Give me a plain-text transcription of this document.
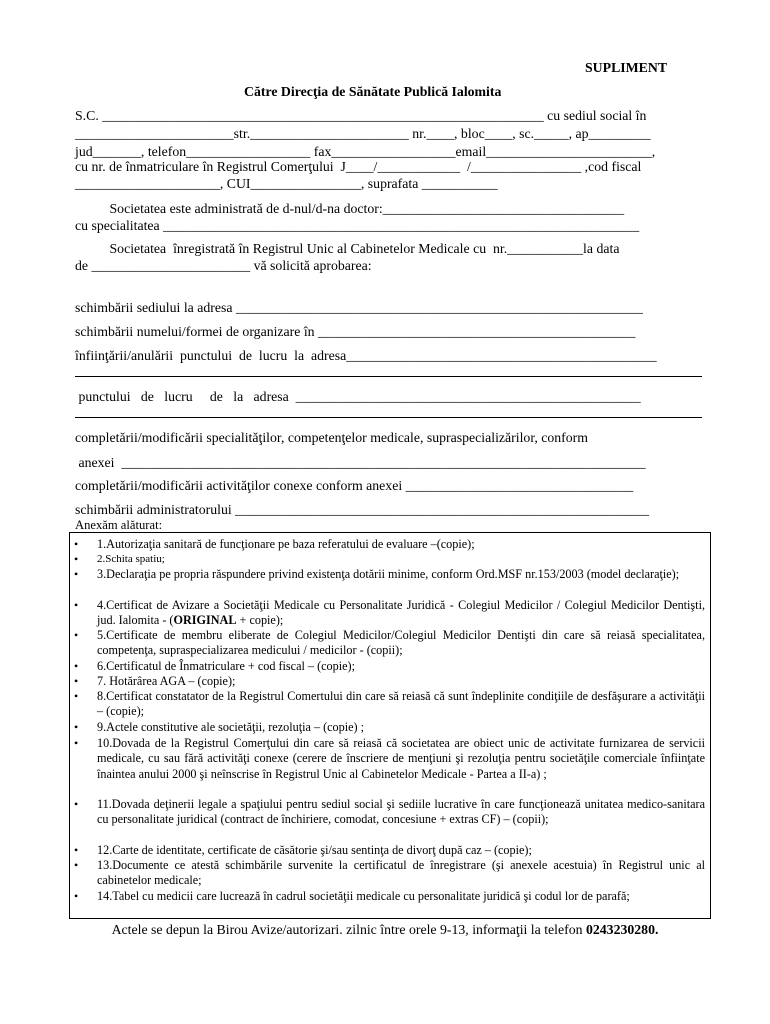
SUPLIMENT
Către Direcţia de Sănătate Publică Ialomita
S.C. ________________________________________________________________ cu sediul social în
_______________________str._______________________ nr.____, bloc____, sc._____, ap_________
jud_______, telefon__________________ fax__________________email________________________,
cu nr. de înmatriculare în Registrul Comerţului  J____/____________  /________________ ,cod fiscal
_____________________, CUI________________, suprafata ___________
Societatea este administrată de d-nul/d-na doctor:___________________________________
cu specialitatea _____________________________________________________________________
Societatea  înregistrată în Registrul Unic al Cabinetelor Medicale cu  nr.___________la data
de _______________________ vă solicită aprobarea:
schimbării sediului la adresa ___________________________________________________________
schimbării numelui/formei de organizare în ______________________________________________
înfiinţării/anulării  punctului  de  lucru  la  adresa_____________________________________________
punctului   de   lucru     de   la   adresa  __________________________________________________
completării/modificării specialităţilor, competenţelor medicale, supraspecializărilor, conform
anexei  ____________________________________________________________________________
completării/modificării activităţilor conexe conform anexei _________________________________
schimbării administratorului ____________________________________________________________
Anexăm alăturat:
• 1.Autorizaţia sanitară de funcţionare pe baza referatului de evaluare –(copie);
• 2.Schita spatiu;
• 3.Declaraţia pe propria răspundere privind existenţa dotării minime, conform Ord.MSF nr.153/2003 (model declaraţie);
• 4.Certificat de Avizare a Societăţii Medicale cu Personalitate Juridică - Colegiul Medicilor / Colegiul Medicilor Dentişti, jud. Ialomita - (ORIGINAL + copie);
• 5.Certificate de membru eliberate de Colegiul Medicilor/Colegiul Medicilor Dentişti din care să reiasă specialitatea, competenţa, supraspecializarea medicului / medicilor - (copii);
• 6.Certificatul de Înmatriculare + cod fiscal – (copie);
• 7. Hotărârea AGA – (copie);
• 8.Certificat constatator de la Registrul Comertului din care să reiasă că sunt îndeplinite condiţiile de desfăşurare a activităţii – (copie);
• 9.Actele constitutive ale societăţii, rezoluţia – (copie) ;
• 10.Dovada de la Registrul Comerţului din care să reiasă că societatea are obiect unic de activitate furnizarea de servicii medicale, cu sau fără activităţi conexe (cerere de înscriere de menţiuni şi rezoluţia pentru societăţile comerciale înfiinţate înaintea anului 2000 şi neînscrise în Registrul Unic al Cabinetelor Medicale - Partea a II-a) ;
• 11.Dovada deţinerii legale a spaţiului pentru sediul social şi sediile lucrative în care funcţionează unitatea medico-sanitara cu personalitate juridical (contract de închiriere, comodat, concesiune + extras CF) – (copii);
• 12.Carte de identitate, certificate de căsătorie şi/sau sentinţa de divorţ după caz – (copie);
• 13.Documente ce atestă schimbările survenite la certificatul de înregistrare (şi anexele acestuia) în Registrul unic al cabinetelor medicale;
• 14.Tabel cu medicii care lucrează în cadrul societăţii medicale cu personalitate juridică şi codul lor de parafă;
Actele se depun la Birou Avize/autorizari. zilnic între orele 9-13, informaţii la telefon 0243230280.
